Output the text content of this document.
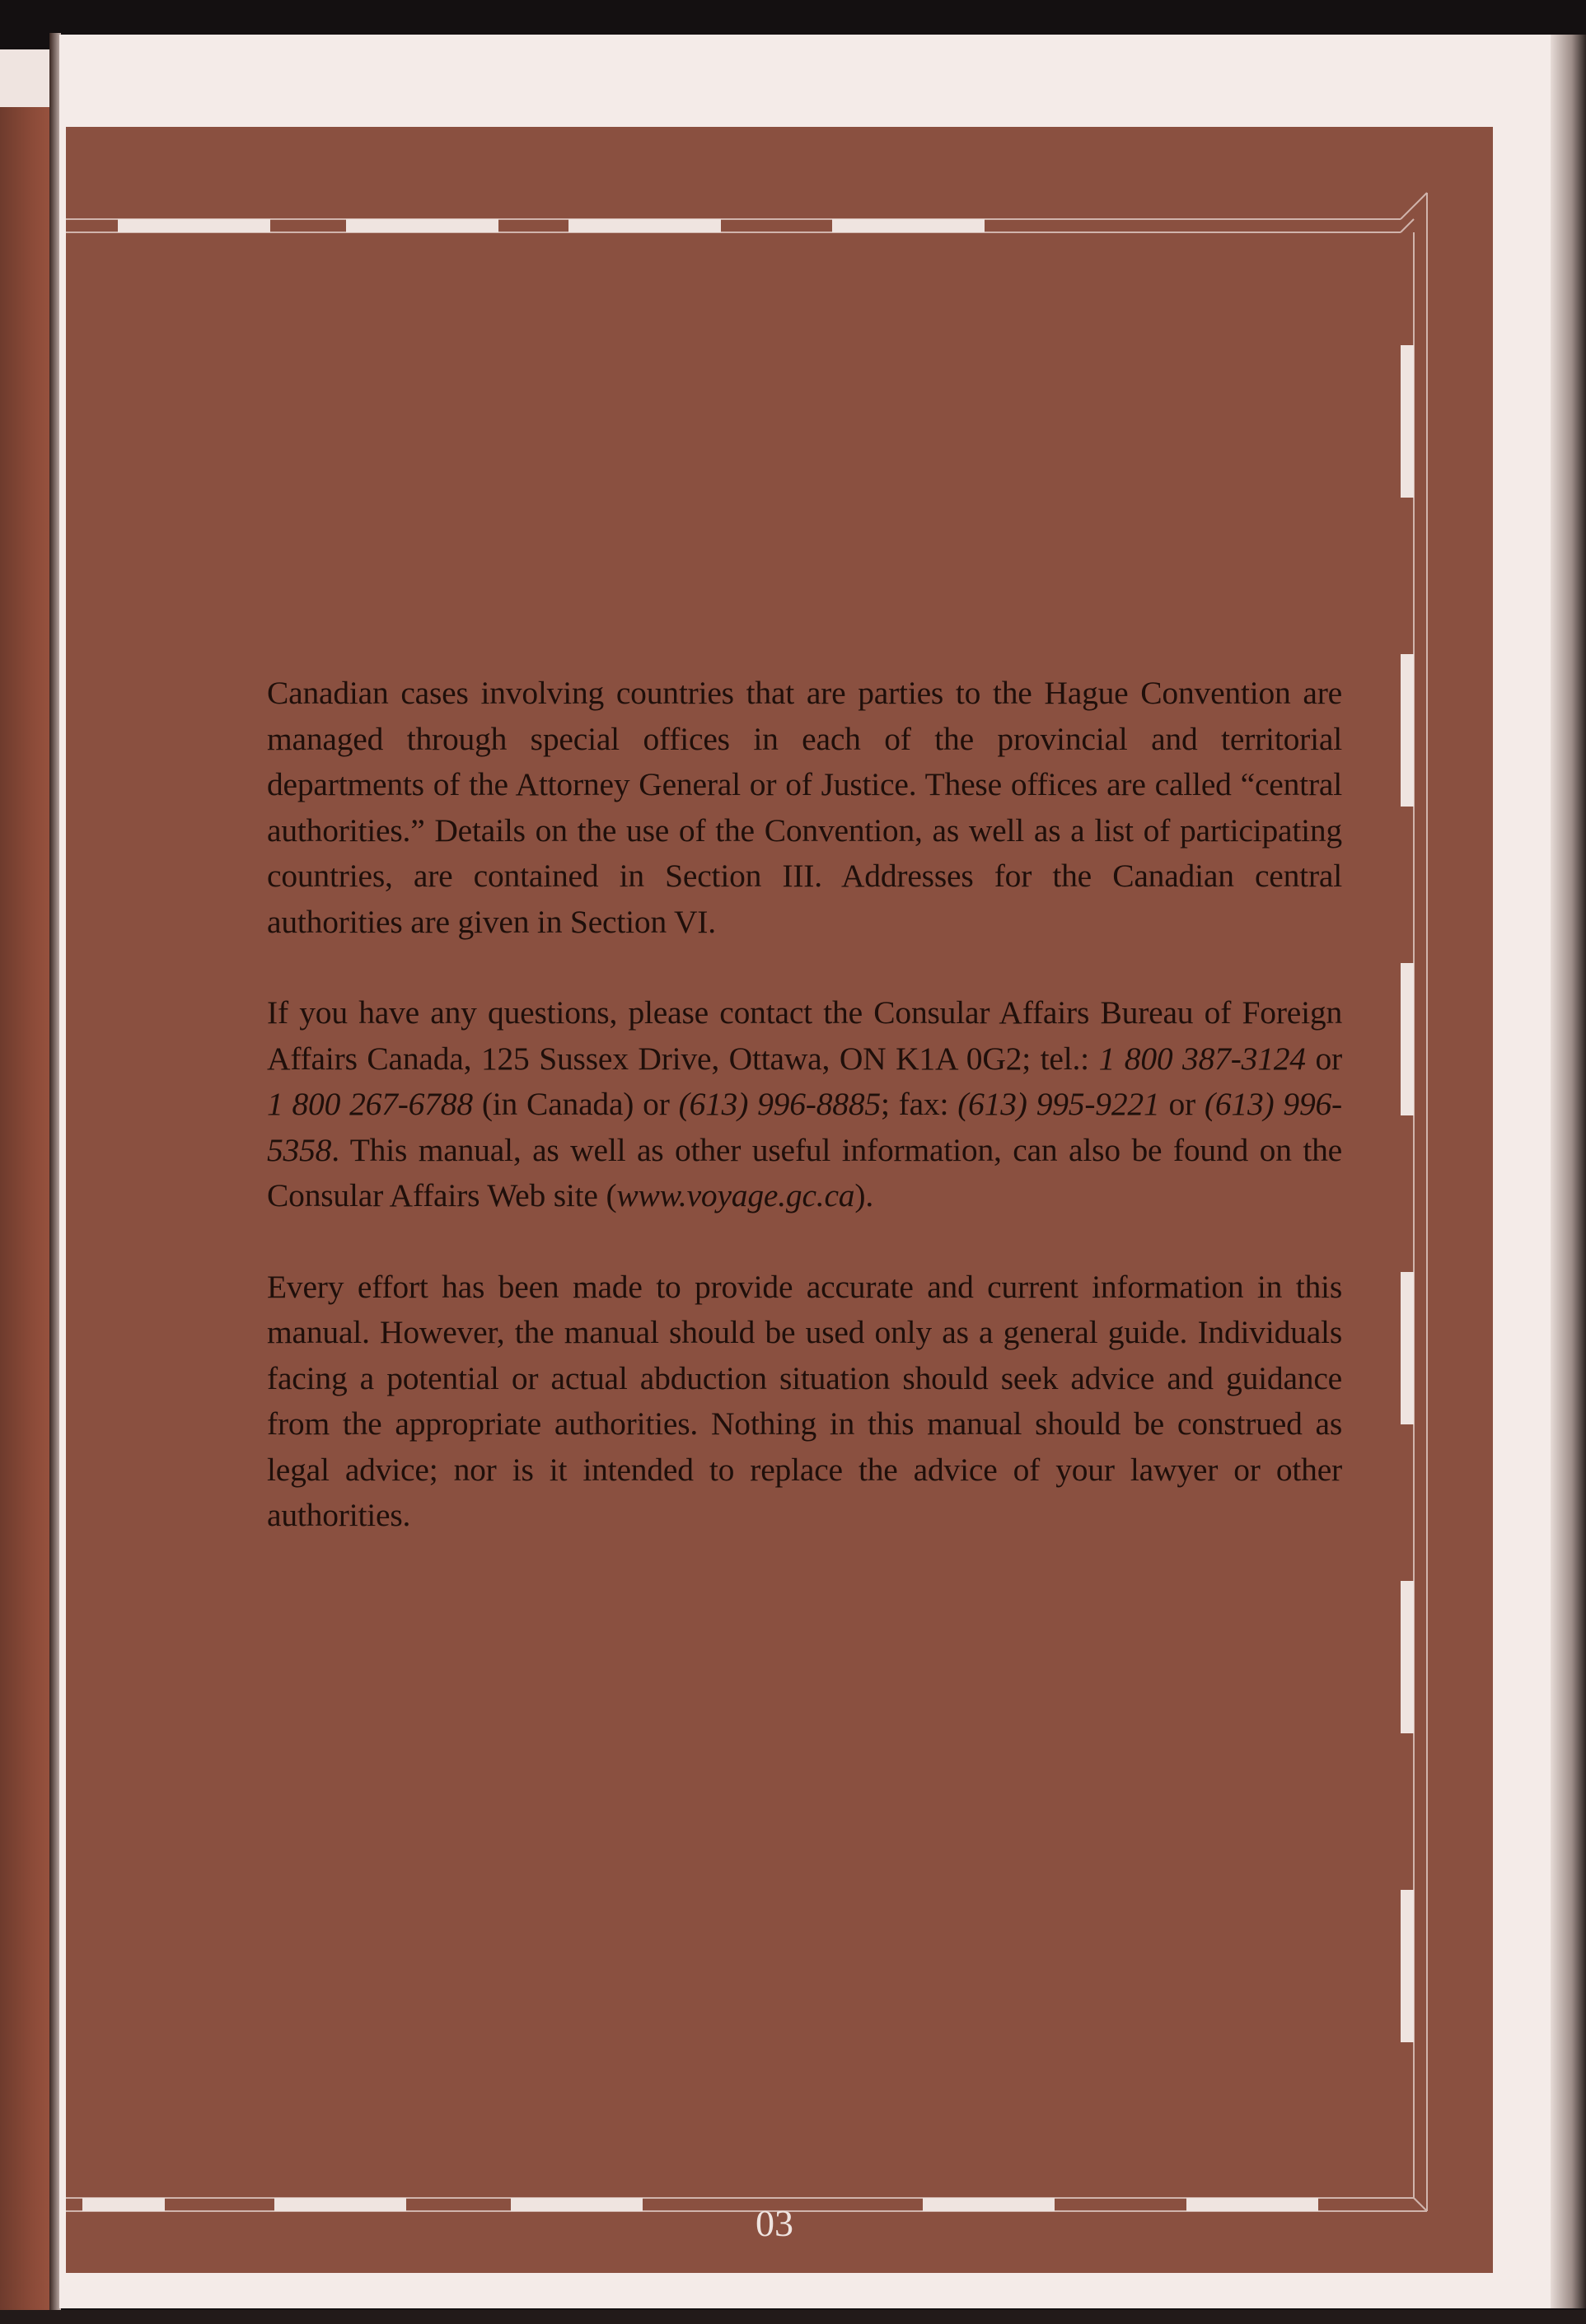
Canadian cases involving countries that are parties to the Hague Convention are managed through special offices in each of the provincial and territorial departments of the Attorney General or of Justice. These offices are called “central authorities.” Details on the use of the Convention, as well as a list of participating countries, are contained in Section III. Addresses for the Canadian central authorities are given in Section VI.

If you have any questions, please contact the Consular Affairs Bureau of Foreign Affairs Canada, 125 Sussex Drive, Ottawa, ON K1A 0G2; tel.: 1 800 387-3124 or 1 800 267-6788 (in Canada) or (613) 996-8885; fax: (613) 995-9221 or (613) 996-5358. This manual, as well as other useful information, can also be found on the Consular Affairs Web site (www.voyage.gc.ca).

Every effort has been made to provide accurate and current information in this manual. However, the manual should be used only as a general guide. Individuals facing a potential or actual abduction situation should seek advice and guidance from the appropriate authorities. Nothing in this manual should be construed as legal advice; nor is it intended to replace the advice of your lawyer or other authorities.

03
